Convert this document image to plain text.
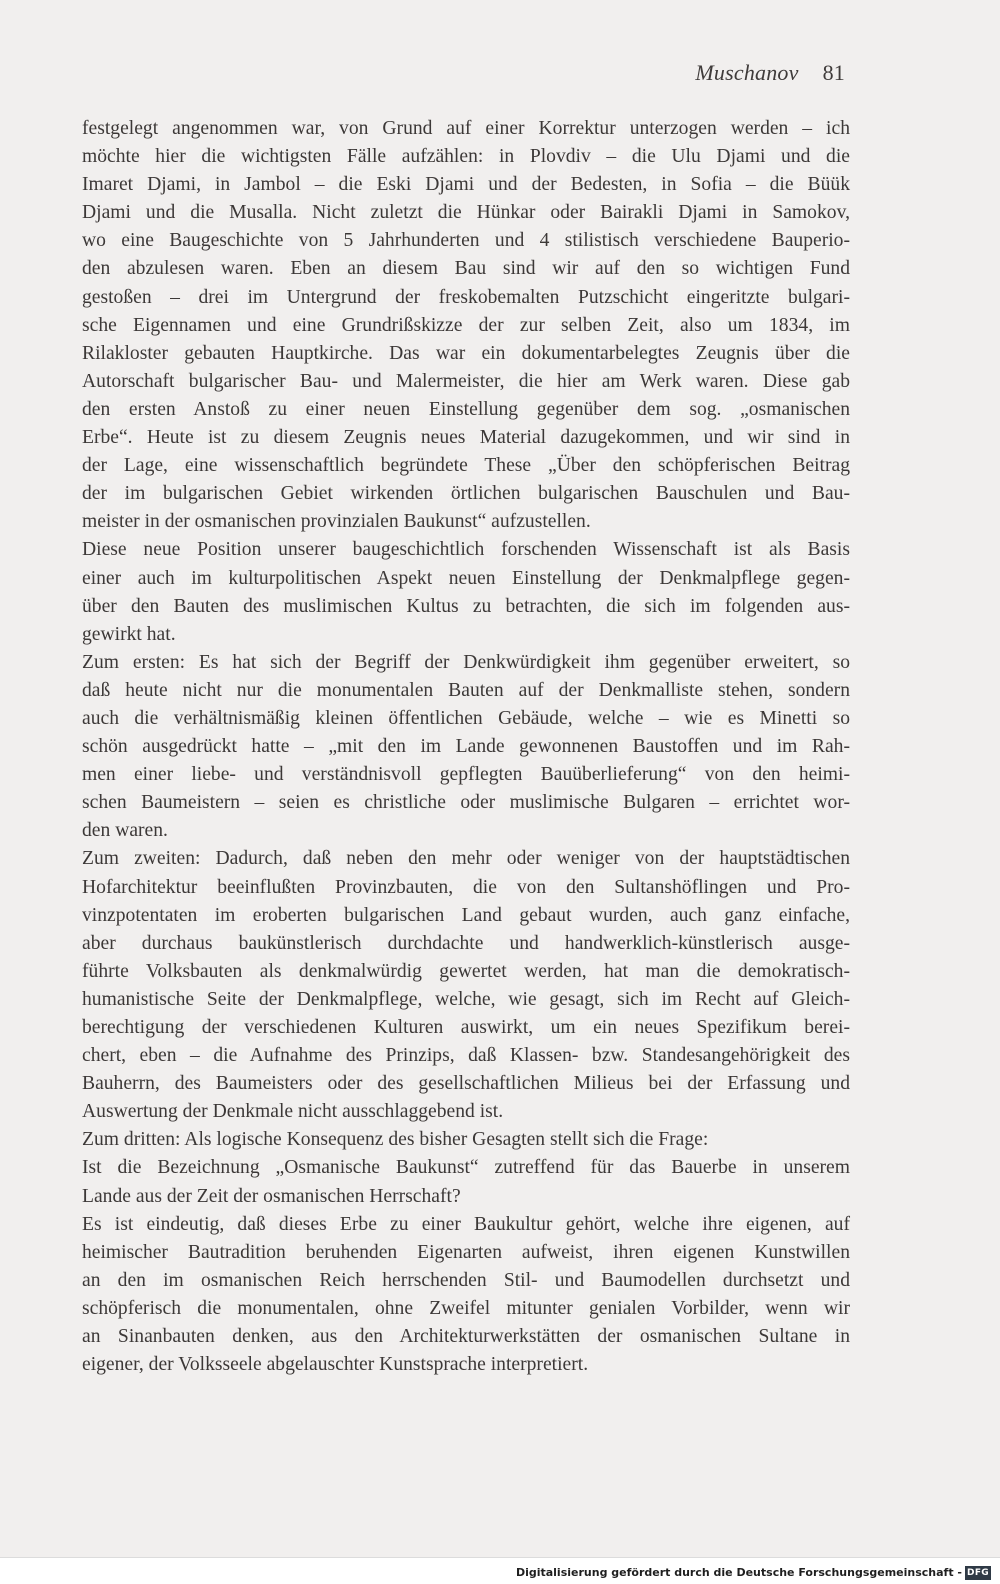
Muschanov 81
festgelegt angenommen war, von Grund auf einer Korrektur unterzogen werden – ich
möchte hier die wichtigsten Fälle aufzählen: in Plovdiv – die Ulu Djami und die
Imaret Djami, in Jambol – die Eski Djami und der Bedesten, in Sofia – die Büük
Djami und die Musalla. Nicht zuletzt die Hünkar oder Bairakli Djami in Samokov,
wo eine Baugeschichte von 5 Jahrhunderten und 4 stilistisch verschiedene Bauperio-
den abzulesen waren. Eben an diesem Bau sind wir auf den so wichtigen Fund
gestoßen – drei im Untergrund der freskobemalten Putzschicht eingeritzte bulgari-
sche Eigennamen und eine Grundrißskizze der zur selben Zeit, also um 1834, im
Rilakloster gebauten Hauptkirche. Das war ein dokumentarbelegtes Zeugnis über die
Autorschaft bulgarischer Bau- und Malermeister, die hier am Werk waren. Diese gab
den ersten Anstoß zu einer neuen Einstellung gegenüber dem sog. „osmanischen
Erbe“. Heute ist zu diesem Zeugnis neues Material dazugekommen, und wir sind in
der Lage, eine wissenschaftlich begründete These „Über den schöpferischen Beitrag
der im bulgarischen Gebiet wirkenden örtlichen bulgarischen Bauschulen und Bau-
meister in der osmanischen provinzialen Baukunst“ aufzustellen.
Diese neue Position unserer baugeschichtlich forschenden Wissenschaft ist als Basis
einer auch im kulturpolitischen Aspekt neuen Einstellung der Denkmalpflege gegen-
über den Bauten des muslimischen Kultus zu betrachten, die sich im folgenden aus-
gewirkt hat.
Zum ersten: Es hat sich der Begriff der Denkwürdigkeit ihm gegenüber erweitert, so
daß heute nicht nur die monumentalen Bauten auf der Denkmalliste stehen, sondern
auch die verhältnismäßig kleinen öffentlichen Gebäude, welche – wie es Minetti so
schön ausgedrückt hatte – „mit den im Lande gewonnenen Baustoffen und im Rah-
men einer liebe- und verständnisvoll gepflegten Bauüberlieferung“ von den heimi-
schen Baumeistern – seien es christliche oder muslimische Bulgaren – errichtet wor-
den waren.
Zum zweiten: Dadurch, daß neben den mehr oder weniger von der hauptstädtischen
Hofarchitektur beeinflußten Provinzbauten, die von den Sultanshöflingen und Pro-
vinzpotentaten im eroberten bulgarischen Land gebaut wurden, auch ganz einfache,
aber durchaus baukünstlerisch durchdachte und handwerklich-künstlerisch ausge-
führte Volksbauten als denkmalwürdig gewertet werden, hat man die demokratisch-
humanistische Seite der Denkmalpflege, welche, wie gesagt, sich im Recht auf Gleich-
berechtigung der verschiedenen Kulturen auswirkt, um ein neues Spezifikum berei-
chert, eben – die Aufnahme des Prinzips, daß Klassen- bzw. Standesangehörigkeit des
Bauherrn, des Baumeisters oder des gesellschaftlichen Milieus bei der Erfassung und
Auswertung der Denkmale nicht ausschlaggebend ist.
Zum dritten: Als logische Konsequenz des bisher Gesagten stellt sich die Frage:
Ist die Bezeichnung „Osmanische Baukunst“ zutreffend für das Bauerbe in unserem
Lande aus der Zeit der osmanischen Herrschaft?
Es ist eindeutig, daß dieses Erbe zu einer Baukultur gehört, welche ihre eigenen, auf
heimischer Bautradition beruhenden Eigenarten aufweist, ihren eigenen Kunstwillen
an den im osmanischen Reich herrschenden Stil- und Baumodellen durchsetzt und
schöpferisch die monumentalen, ohne Zweifel mitunter genialen Vorbilder, wenn wir
an Sinanbauten denken, aus den Architekturwerkstätten der osmanischen Sultane in
eigener, der Volksseele abgelauschter Kunstsprache interpretiert.
Digitalisierung gefördert durch die Deutsche Forschungsgemeinschaft - DFG
